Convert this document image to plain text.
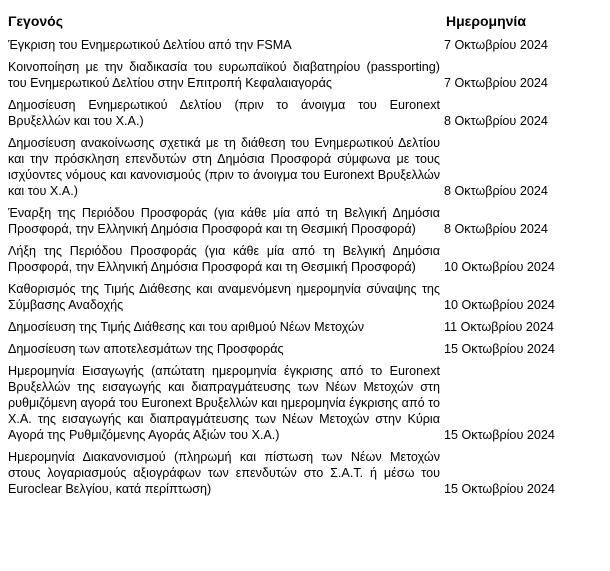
Γεγονός	Ημερομηνία

Έγκριση του Ενημερωτικού Δελτίου από την FSMA	7 Οκτωβρίου 2024

Κοινοποίηση με την διαδικασία του ευρωπαϊκού διαβατηρίου (passporting) του Ενημερωτικού Δελτίου στην Επιτροπή Κεφαλαιαγοράς	7 Οκτωβρίου 2024

Δημοσίευση Ενημερωτικού Δελτίου (πριν το άνοιγμα του Euronext Βρυξελλών και του Χ.Α.)	8 Οκτωβρίου 2024

Δημοσίευση ανακοίνωσης σχετικά με τη διάθεση του Ενημερωτικού Δελτίου και την πρόσκληση επενδυτών στη Δημόσια Προσφορά σύμφωνα με τους ισχύοντες νόμους και κανονισμούς (πριν το άνοιγμα του Euronext Βρυξελλών και του Χ.Α.)	8 Οκτωβρίου 2024

Έναρξη της Περιόδου Προσφοράς (για κάθε μία από τη Βελγική Δημόσια Προσφορά, την Ελληνική Δημόσια Προσφορά και τη Θεσμική Προσφορά)	8 Οκτωβρίου 2024

Λήξη της Περιόδου Προσφοράς (για κάθε μία από τη Βελγική Δημόσια Προσφορά, την Ελληνική Δημόσια Προσφορά και τη Θεσμική Προσφορά)	10 Οκτωβρίου 2024

Καθορισμός της Τιμής Διάθεσης και αναμενόμενη ημερομηνία σύναψης της Σύμβασης Αναδοχής	10 Οκτωβρίου 2024

Δημοσίευση της Τιμής Διάθεσης και του αριθμού Νέων Μετοχών	11 Οκτωβρίου 2024

Δημοσίευση των αποτελεσμάτων της Προσφοράς	15 Οκτωβρίου 2024

Ημερομηνία Εισαγωγής (απώτατη ημερομηνία έγκρισης από το Euronext Βρυξελλών της εισαγωγής και διαπραγμάτευσης των Νέων Μετοχών στη ρυθμιζόμενη αγορά του Euronext Βρυξελλών και ημερομηνία έγκρισης από το Χ.Α. της εισαγωγής και διαπραγμάτευσης των Νέων Μετοχών στην Κύρια Αγορά της Ρυθμιζόμενης Αγοράς Αξιών του Χ.Α.)	15 Οκτωβρίου 2024

Ημερομηνία Διακανονισμού (πληρωμή και πίστωση των Νέων Μετοχών στους λογαριασμούς αξιογράφων των επενδυτών στο Σ.Α.Τ. ή μέσω του Euroclear Βελγίου, κατά περίπτωση)	15 Οκτωβρίου 2024
